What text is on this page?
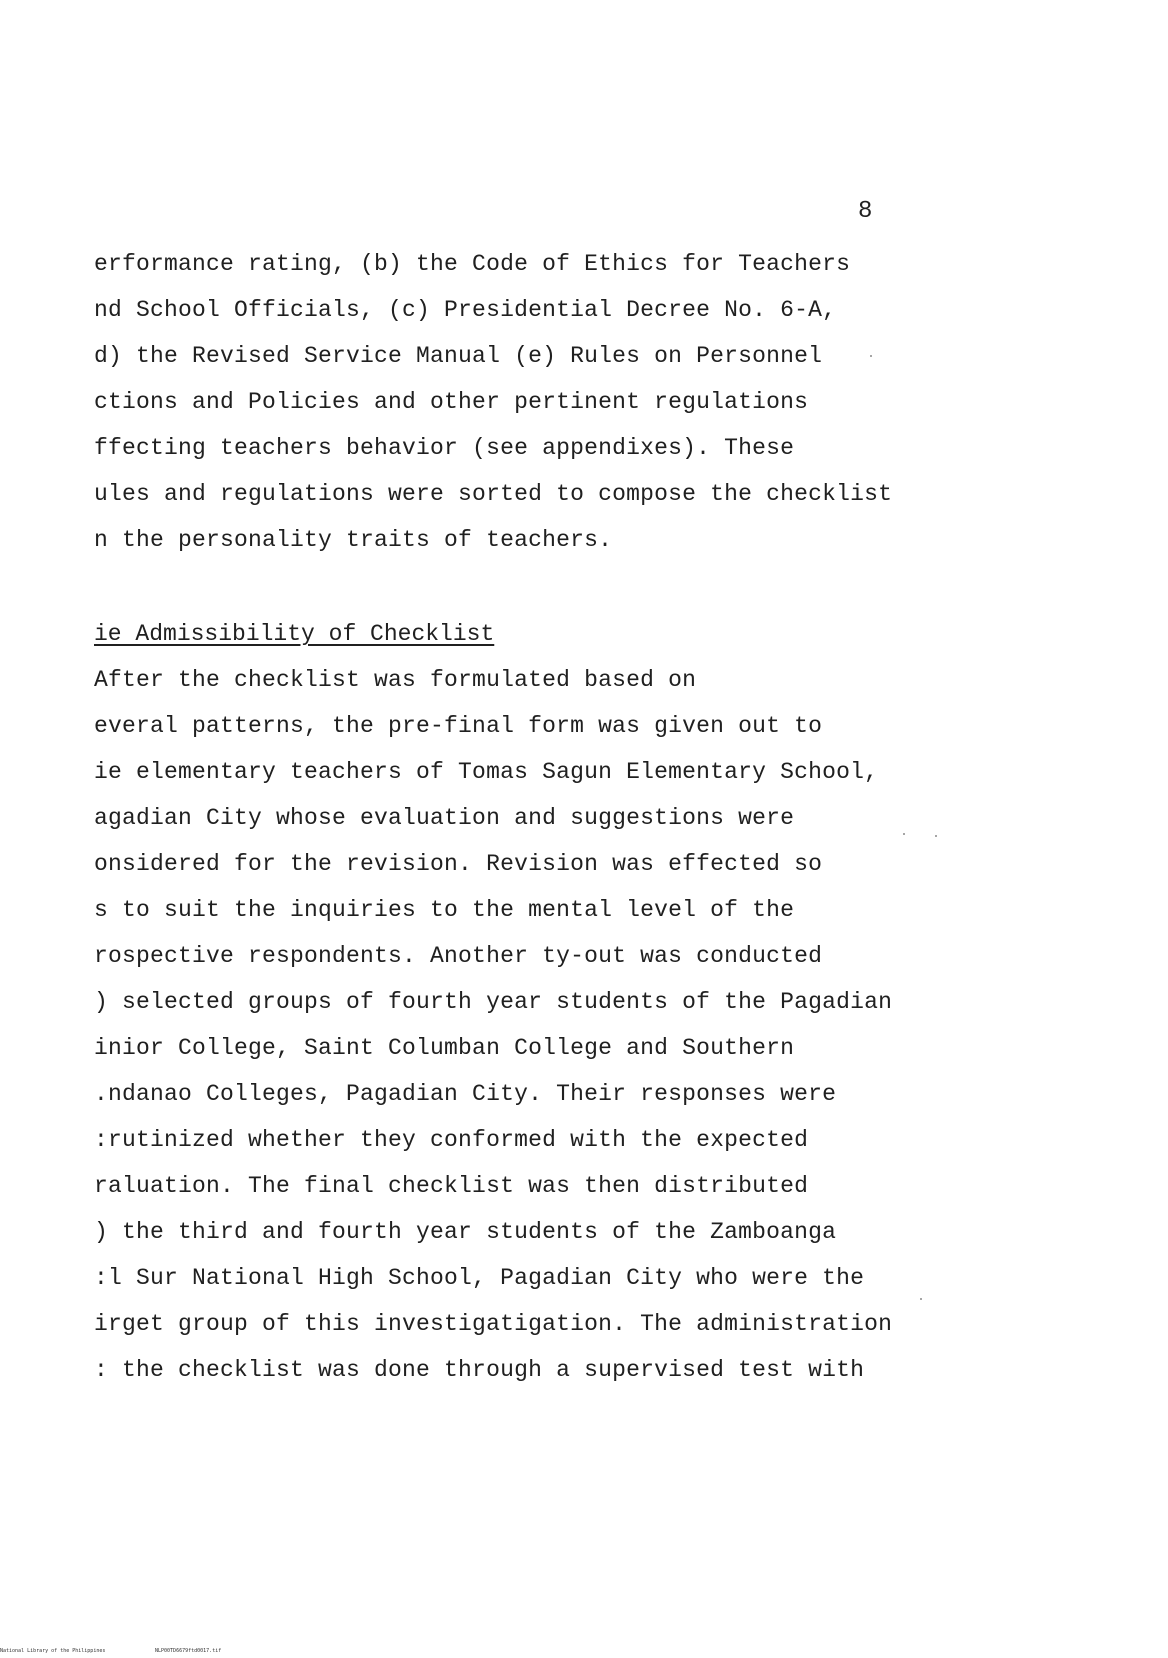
8
erformance rating, (b) the Code of Ethics for Teachers
nd School Officials, (c) Presidential Decree No. 6-A,
d) the Revised Service Manual (e) Rules on Personnel
ctions and Policies and other pertinent regulations
ffecting teachers behavior (see appendixes). These
ules and regulations were sorted to compose the checklist
n the personality traits of teachers.
ie Admissibility of Checklist
After the checklist was formulated based on
everal patterns, the pre-final form was given out to
ie elementary teachers of Tomas Sagun Elementary School,
agadian City whose evaluation and suggestions were
onsidered for the revision. Revision was effected so
s to suit the inquiries to the mental level of the
rospective respondents. Another ty-out was conducted
) selected groups of fourth year students of the Pagadian
inior College, Saint Columban College and Southern
.ndanao Colleges, Pagadian City. Their responses were
:rutinized whether they conformed with the expected
raluation. The final checklist was then distributed
) the third and fourth year students of the Zamboanga
:l Sur National High School, Pagadian City who were the
irget group of this investigatigation. The administration
: the checklist was done through a supervised test with
National Library of the Philippines	NLP00TD6679ftd0017.tif
